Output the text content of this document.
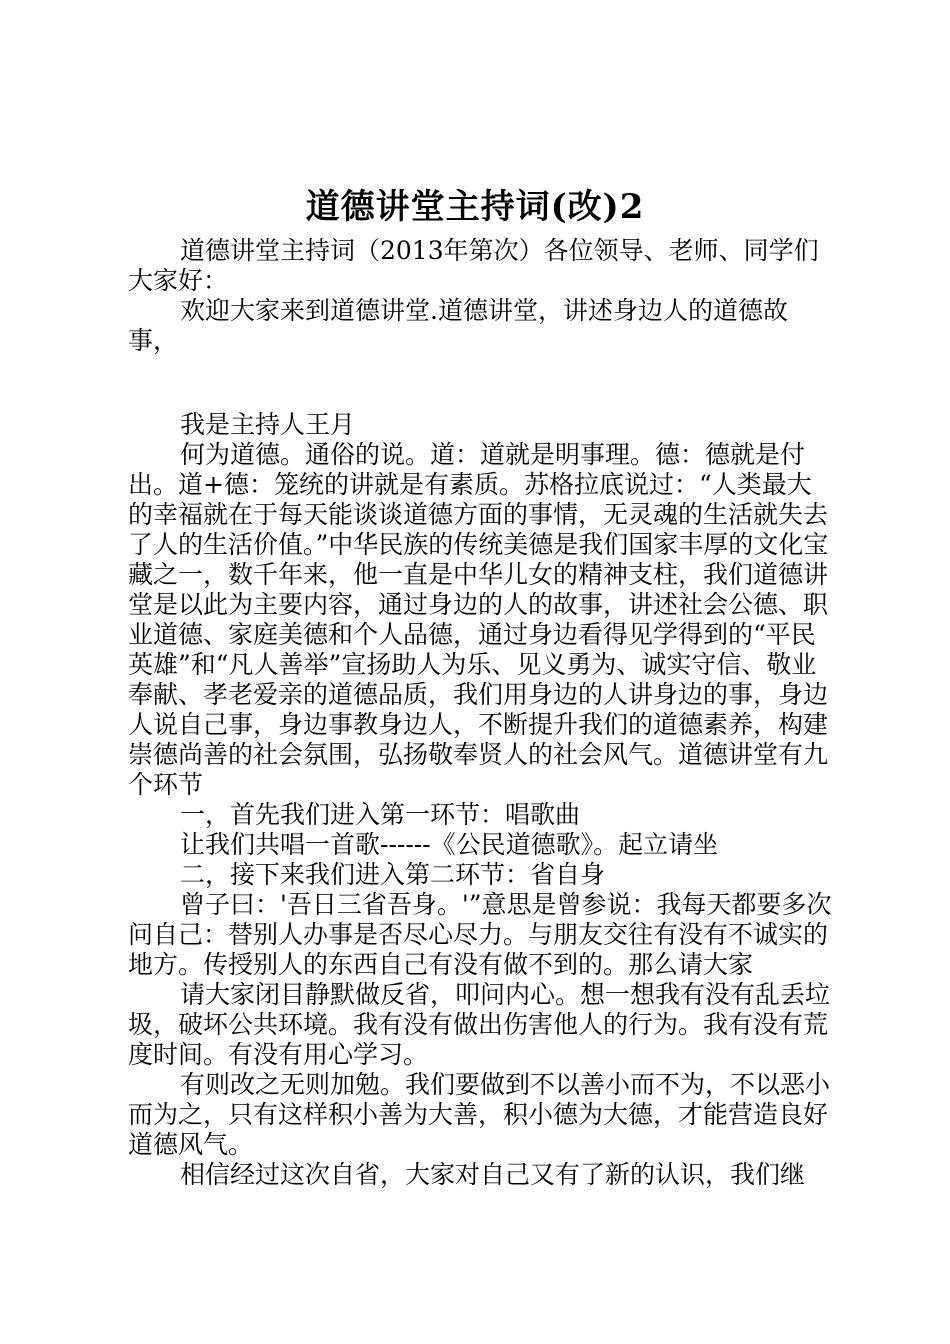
道德讲堂主持词(改)2

道德讲堂主持词（2013年第次）各位领导、老师、同学们大家好：

欢迎大家来到道德讲堂.道德讲堂，讲述身边人的道德故事，

我是主持人王月

何为道德。通俗的说。道：道就是明事理。德：德就是付出。道+德：笼统的讲就是有素质。苏格拉底说过：“人类最大的幸福就在于每天能谈谈道德方面的事情，无灵魂的生活就失去了人的生活价值。”中华民族的传统美德是我们国家丰厚的文化宝藏之一，数千年来，他一直是中华儿女的精神支柱，我们道德讲堂是以此为主要内容，通过身边的人的故事，讲述社会公德、职业道德、家庭美德和个人品德，通过身边看得见学得到的“平民英雄”和“凡人善举”宣扬助人为乐、见义勇为、诚实守信、敬业奉献、孝老爱亲的道德品质，我们用身边的人讲身边的事，身边人说自己事，身边事教身边人，不断提升我们的道德素养，构建崇德尚善的社会氛围，弘扬敬奉贤人的社会风气。道德讲堂有九个环节

一，首先我们进入第一环节：唱歌曲

让我们共唱一首歌------《公民道德歌》。起立请坐

二，接下来我们进入第二环节：省自身

曾子曰：'吾日三省吾身。'”意思是曾参说：我每天都要多次问自己：替别人办事是否尽心尽力。与朋友交往有没有不诚实的地方。传授别人的东西自己有没有做不到的。那么请大家

请大家闭目静默做反省，叩问内心。想一想我有没有乱丢垃圾，破坏公共环境。我有没有做出伤害他人的行为。我有没有荒度时间。有没有用心学习。

有则改之无则加勉。我们要做到不以善小而不为，不以恶小而为之，只有这样积小善为大善，积小德为大德，才能营造良好道德风气。

相信经过这次自省，大家对自己又有了新的认识，我们继
